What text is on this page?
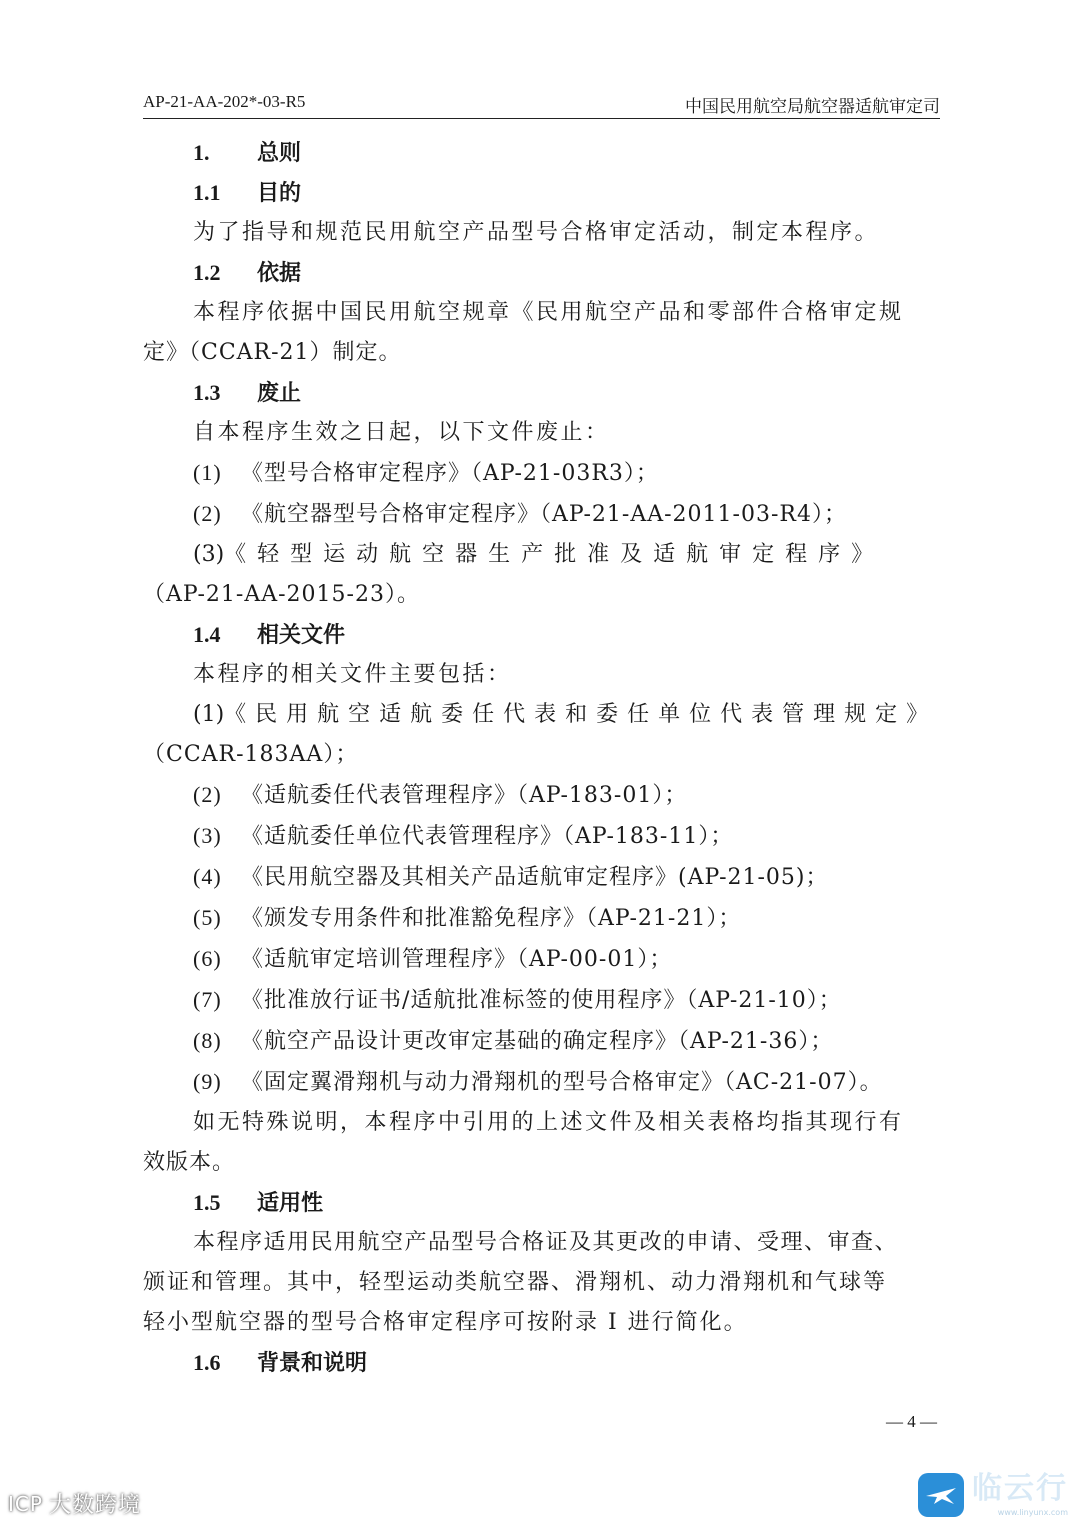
AP-21-AA-202*-03-R5	中国民用航空局航空器适航审定司

1. 总则

1.1 目的

为了指导和规范民用航空产品型号合格审定活动，制定本程序。

1.2 依据

本程序依据中国民用航空规章《民用航空产品和零部件合格审定规

定》（CCAR-21）制定。

1.3 废止

自本程序生效之日起，以下文件废止：

(1) 《型号合格审定程序》（AP-21-03R3）；

(2) 《航空器型号合格审定程序》（AP-21-AA-2011-03-R4）；

(3)《轻型运动航空器生产批准及适航审定程序》

（AP-21-AA-2015-23）。

1.4 相关文件

本程序的相关文件主要包括：

(1)《民用航空适航委任代表和委任单位代表管理规定》

（CCAR-183AA）；

(2) 《适航委任代表管理程序》（AP-183-01）；

(3) 《适航委任单位代表管理程序》（AP-183-11）；

(4) 《民用航空器及其相关产品适航审定程序》(AP-21-05)；

(5) 《颁发专用条件和批准豁免程序》（AP-21-21）；

(6) 《适航审定培训管理程序》（AP-00-01）；

(7) 《批准放行证书/适航批准标签的使用程序》（AP-21-10）；

(8) 《航空产品设计更改审定基础的确定程序》（AP-21-36）；

(9) 《固定翼滑翔机与动力滑翔机的型号合格审定》（AC-21-07）。

如无特殊说明，本程序中引用的上述文件及相关表格均指其现行有

效版本。

1.5 适用性

本程序适用民用航空产品型号合格证及其更改的申请、受理、审查、

颁证和管理。其中，轻型运动类航空器、滑翔机、动力滑翔机和气球等

轻小型航空器的型号合格审定程序可按附录 I 进行简化。

1.6 背景和说明

— 4 —
ICP 大数跨境	临云行
www.linyunx.com
